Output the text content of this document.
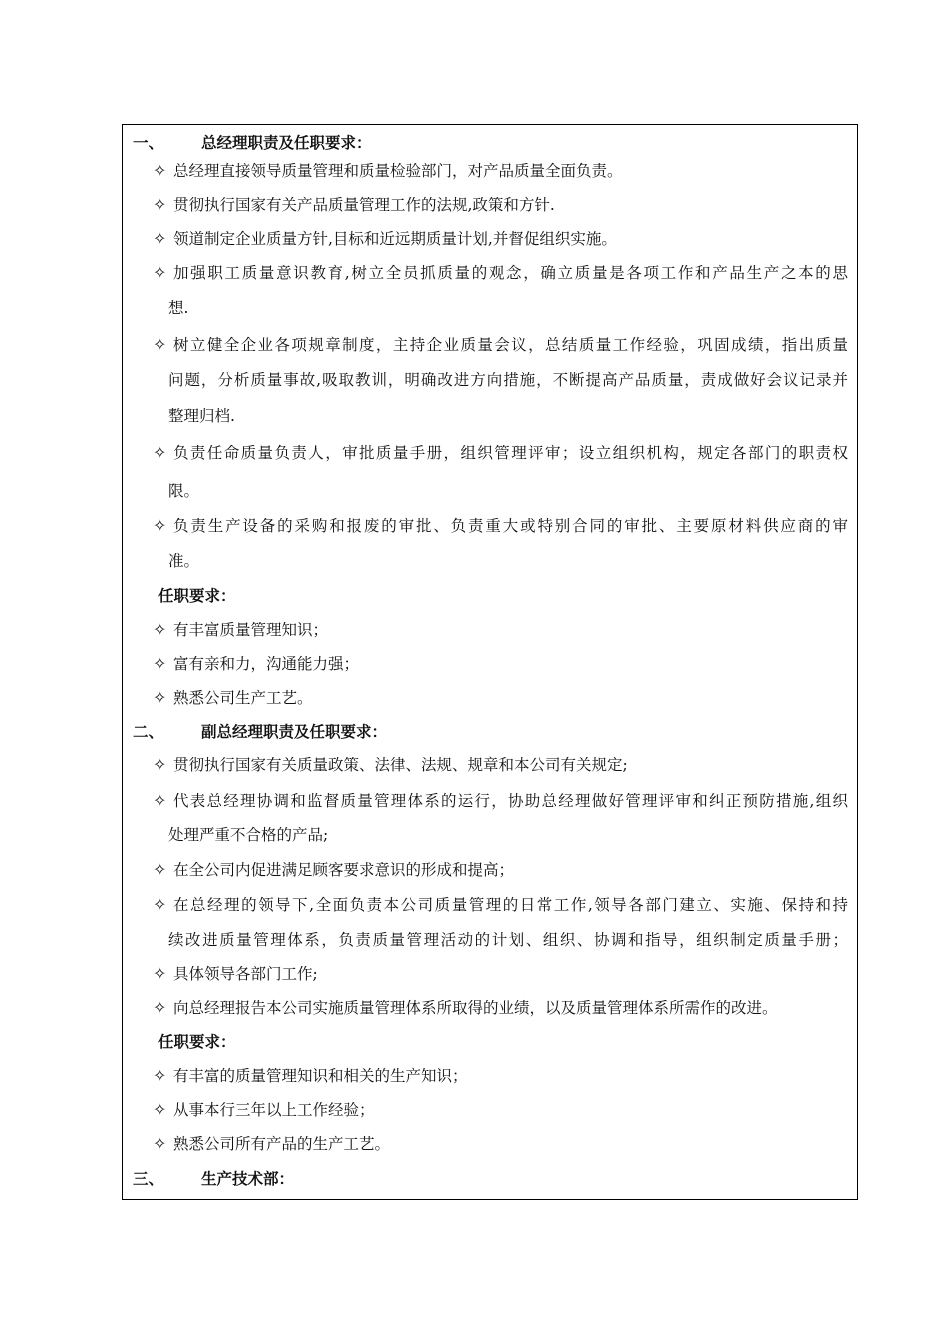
一、 总经理职责及任职要求：
✧ 总经理直接领导质量管理和质量检验部门，对产品质量全面负责。
✧ 贯彻执行国家有关产品质量管理工作的法规,政策和方针.
✧ 领道制定企业质量方针,目标和近远期质量计划,并督促组织实施。
✧ 加强职工质量意识教育,树立全员抓质量的观念，确立质量是各项工作和产品生产之本的思
想.
✧ 树立健全企业各项规章制度，主持企业质量会议，总结质量工作经验，巩固成绩，指出质量
问题，分析质量事故,吸取教训，明确改进方向措施，不断提高产品质量，责成做好会议记录并
整理归档.
✧ 负责任命质量负责人，审批质量手册，组织管理评审；设立组织机构，规定各部门的职责权
限。
✧ 负责生产设备的采购和报废的审批、负责重大或特别合同的审批、主要原材料供应商的审
准。
任职要求：
✧ 有丰富质量管理知识；
✧ 富有亲和力，沟通能力强；
✧ 熟悉公司生产工艺。
二、 副总经理职责及任职要求：
✧ 贯彻执行国家有关质量政策、法律、法规、规章和本公司有关规定;
✧ 代表总经理协调和监督质量管理体系的运行，协助总经理做好管理评审和纠正预防措施,组织
处理严重不合格的产品;
✧ 在全公司内促进满足顾客要求意识的形成和提高；
✧ 在总经理的领导下,全面负责本公司质量管理的日常工作,领导各部门建立、实施、保持和持
续改进质量管理体系，负责质量管理活动的计划、组织、协调和指导，组织制定质量手册；
✧ 具体领导各部门工作;
✧ 向总经理报告本公司实施质量管理体系所取得的业绩，以及质量管理体系所需作的改进。
任职要求：
✧ 有丰富的质量管理知识和相关的生产知识；
✧ 从事本行三年以上工作经验；
✧ 熟悉公司所有产品的生产工艺。
三、 生产技术部：
